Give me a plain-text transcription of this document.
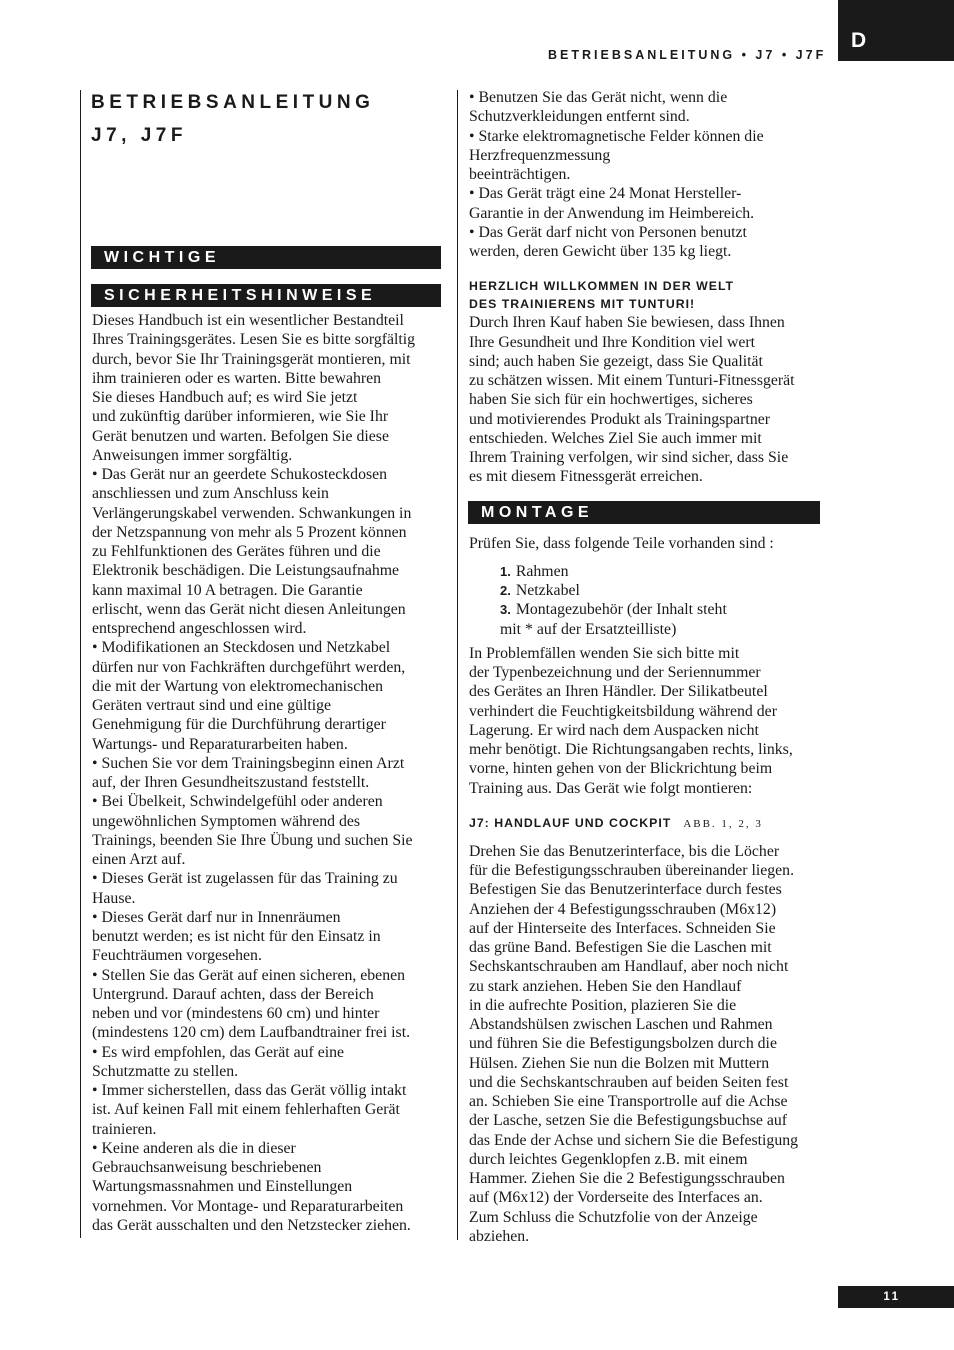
D
BETRIEBSANLEITUNG • J7 • J7F
BETRIEBSANLEITUNG
J7, J7F
WICHTIGE
SICHERHEITSHINWEISE
Dieses Handbuch ist ein wesentlicher Bestandteil
Ihres Trainingsgerätes. Lesen Sie es bitte sorgfältig
durch, bevor Sie Ihr Trainingsgerät montieren, mit
ihm trainieren oder es warten. Bitte bewahren
Sie dieses Handbuch auf; es wird Sie jetzt
und zukünftig darüber informieren, wie Sie Ihr
Gerät benutzen und warten. Befolgen Sie diese
Anweisungen immer sorgfältig.
• Das Gerät nur an geerdete Schukosteckdosen
anschliessen und zum Anschluss kein
Verlängerungskabel verwenden. Schwankungen in
der Netzspannung von mehr als 5 Prozent können
zu Fehlfunktionen des Gerätes führen und die
Elektronik beschädigen. Die Leistungsaufnahme
kann maximal 10 A betragen. Die Garantie
erlischt, wenn das Gerät nicht diesen Anleitungen
entsprechend angeschlossen wird.
• Modifikationen an Steckdosen und Netzkabel
dürfen nur von Fachkräften durchgeführt werden,
die mit der Wartung von elektromechanischen
Geräten vertraut sind und eine gültige
Genehmigung für die Durchführung derartiger
Wartungs- und Reparaturarbeiten haben.
• Suchen Sie vor dem Trainingsbeginn einen Arzt
auf, der Ihren Gesundheitszustand feststellt.
• Bei Übelkeit, Schwindelgefühl oder anderen
ungewöhnlichen Symptomen während des
Trainings, beenden Sie Ihre Übung und suchen Sie
einen Arzt auf.
• Dieses Gerät ist zugelassen für das Training zu
Hause.
• Dieses Gerät darf nur in Innenräumen
benutzt werden; es ist nicht für den Einsatz in
Feuchträumen vorgesehen.
• Stellen Sie das Gerät auf einen sicheren, ebenen
Untergrund. Darauf achten, dass der Bereich
neben und vor (mindestens 60 cm) und hinter
(mindestens 120 cm) dem Laufbandtrainer frei ist.
• Es wird empfohlen, das Gerät auf eine
Schutzmatte zu stellen.
• Immer sicherstellen, dass das Gerät völlig intakt
ist. Auf keinen Fall mit einem fehlerhaften Gerät
trainieren.
• Keine anderen als die in dieser
Gebrauchsanweisung beschriebenen
Wartungsmassnahmen und Einstellungen
vornehmen. Vor Montage- und Reparaturarbeiten
das Gerät ausschalten und den Netzstecker ziehen.
• Benutzen Sie das Gerät nicht, wenn die
Schutzverkleidungen entfernt sind.
• Starke elektromagnetische Felder können die
Herzfrequenzmessung
beeinträchtigen.
• Das Gerät trägt eine 24 Monat Hersteller-
Garantie in der Anwendung im Heimbereich.
• Das Gerät darf nicht von Personen benutzt
werden, deren Gewicht über 135 kg liegt.
HERZLICH WILLKOMMEN IN DER WELT
DES TRAINIERENS MIT TUNTURI!
Durch Ihren Kauf haben Sie bewiesen, dass Ihnen
Ihre Gesundheit und Ihre Kondition viel wert
sind; auch haben Sie gezeigt, dass Sie Qualität
zu schätzen wissen. Mit einem Tunturi-Fitnessgerät
haben Sie sich für ein hochwertiges, sicheres
und motivierendes Produkt als Trainingspartner
entschieden. Welches Ziel Sie auch immer mit
Ihrem Training verfolgen, wir sind sicher, dass Sie
es mit diesem Fitnessgerät erreichen.
MONTAGE
Prüfen Sie, dass folgende Teile vorhanden sind :
1. Rahmen
2. Netzkabel
3. Montagezubehör (der Inhalt steht
mit * auf der Ersatzteilliste)
In Problemfällen wenden Sie sich bitte mit
der Typenbezeichnung und der Seriennummer
des Gerätes an Ihren Händler. Der Silikatbeutel
verhindert die Feuchtigkeitsbildung während der
Lagerung. Er wird nach dem Auspacken nicht
mehr benötigt. Die Richtungsangaben rechts, links,
vorne, hinten gehen von der Blickrichtung beim
Training aus. Das Gerät wie folgt montieren:
J7: HANDLAUF UND COCKPIT ABB. 1, 2, 3
Drehen Sie das Benutzerinterface, bis die Löcher
für die Befestigungsschrauben übereinander liegen.
Befestigen Sie das Benutzerinterface durch festes
Anziehen der 4 Befestigungsschrauben (M6x12)
auf der Hinterseite des Interfaces. Schneiden Sie
das grüne Band. Befestigen Sie die Laschen mit
Sechskantschrauben am Handlauf, aber noch nicht
zu stark anziehen. Heben Sie den Handlauf
in die aufrechte Position, plazieren Sie die
Abstandshülsen zwischen Laschen und Rahmen
und führen Sie die Befestigungsbolzen durch die
Hülsen. Ziehen Sie nun die Bolzen mit Muttern
und die Sechskantschrauben auf beiden Seiten fest
an. Schieben Sie eine Transportrolle auf die Achse
der Lasche, setzen Sie die Befestigungsbuchse auf
das Ende der Achse und sichern Sie die Befestigung
durch leichtes Gegenklopfen z.B. mit einem
Hammer. Ziehen Sie die 2 Befestigungsschrauben
auf (M6x12) der Vorderseite des Interfaces an.
Zum Schluss die Schutzfolie von der Anzeige
abziehen.
11
